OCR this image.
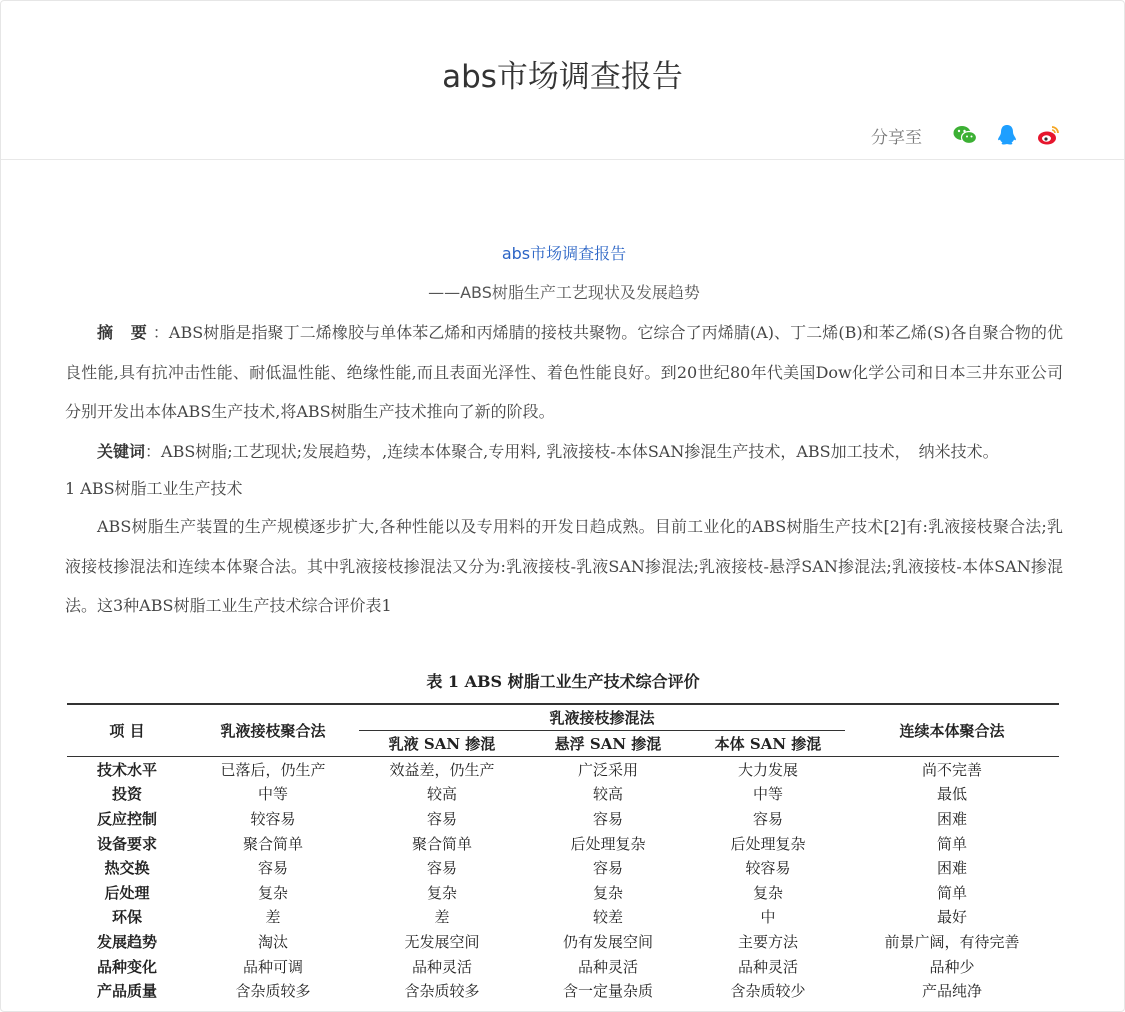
abs市场调查报告
分享至
abs市场调查报告
——ABS树脂生产工艺现状及发展趋势

摘 要：ABS树脂是指聚丁二烯橡胶与单体苯乙烯和丙烯腈的接枝共聚物。它综合了丙烯腈(A)、丁二烯(B)和苯乙烯(S)各自聚合物的优良性能,具有抗冲击性能、耐低温性能、绝缘性能,而且表面光泽性、着色性能良好。到20世纪80年代美国Dow化学公司和日本三井东亚公司分别开发出本体ABS生产技术,将ABS树脂生产技术推向了新的阶段。

关键词：ABS树脂;工艺现状;发展趋势，,连续本体聚合,专用料, 乳液接枝-本体SAN掺混生产技术，ABS加工技术，　纳米技术。

1 ABS树脂工业生产技术

ABS树脂生产装置的生产规模逐步扩大,各种性能以及专用料的开发日趋成熟。目前工业化的ABS树脂生产技术[2]有:乳液接枝聚合法;乳液接枝掺混法和连续本体聚合法。其中乳液接枝掺混法又分为:乳液接枝-乳液SAN掺混法;乳液接枝-悬浮SAN掺混法;乳液接枝-本体SAN掺混法。这3种ABS树脂工业生产技术综合评价表1

表 1 ABS 树脂工业生产技术综合评价
项 目	乳液接枝聚合法	乳液接枝掺混法			连续本体聚合法
		乳液 SAN 掺混	悬浮 SAN 掺混	本体 SAN 掺混	
技术水平	已落后，仍生产	效益差，仍生产	广泛采用	大力发展	尚不完善
投资	中等	较高	较高	中等	最低
反应控制	较容易	容易	容易	容易	困难
设备要求	聚合简单	聚合简单	后处理复杂	后处理复杂	简单
热交换	容易	容易	容易	较容易	困难
后处理	复杂	复杂	复杂	复杂	简单
环保	差	差	较差	中	最好
发展趋势	淘汰	无发展空间	仍有发展空间	主要方法	前景广阔，有待完善
品种变化	品种可调	品种灵活	品种灵活	品种灵活	品种少
产品质量	含杂质较多	含杂质较多	含一定量杂质	含杂质较少	产品纯净
